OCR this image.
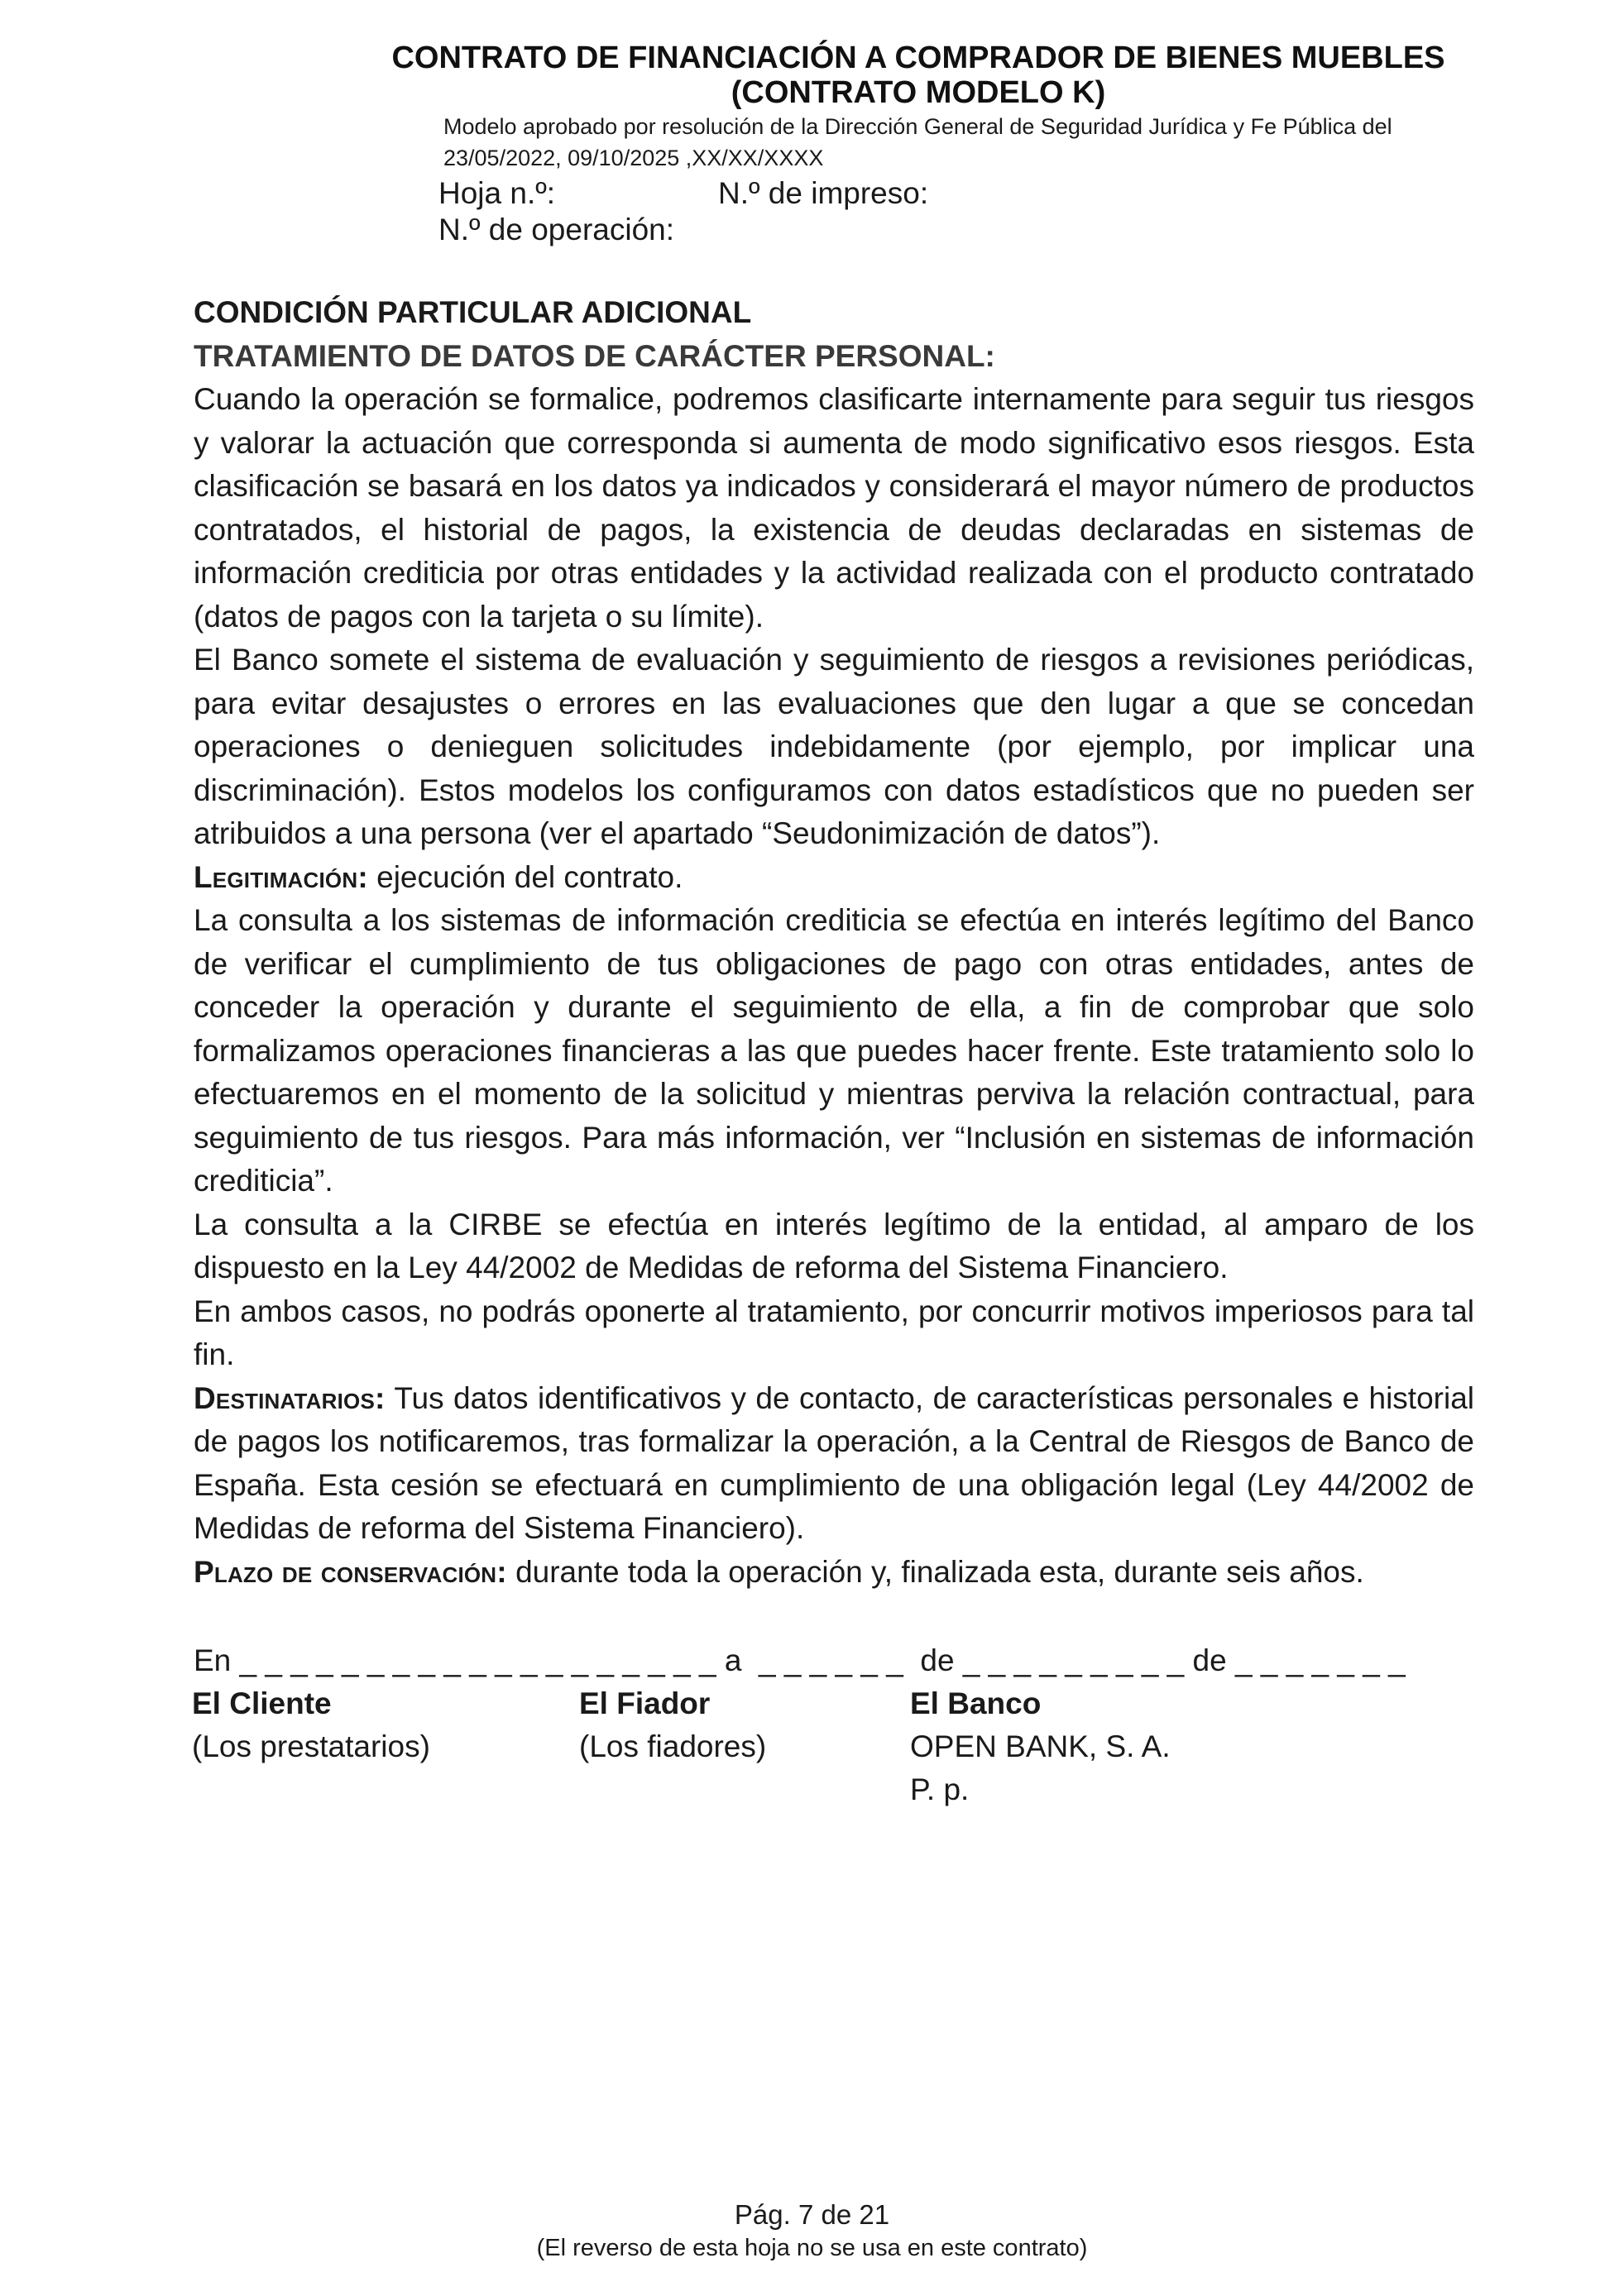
CONTRATO DE FINANCIACIÓN A COMPRADOR DE BIENES MUEBLES
(CONTRATO MODELO K)
Modelo aprobado por resolución de la Dirección General de Seguridad Jurídica y Fe Pública del
23/05/2022, 09/10/2025 ,XX/XX/XXXX
Hoja n.º:	N.º de impreso:
N.º de operación:
CONDICIÓN PARTICULAR ADICIONAL
TRATAMIENTO DE DATOS DE CARÁCTER PERSONAL:

Cuando la operación se formalice, podremos clasificarte internamente para seguir tus riesgos y valorar la actuación que corresponda si aumenta de modo significativo esos riesgos. Esta clasificación se basará en los datos ya indicados y considerará el mayor número de productos contratados, el historial de pagos, la existencia de deudas declaradas en sistemas de información crediticia por otras entidades y la actividad realizada con el producto contratado (datos de pagos con la tarjeta o su límite).

El Banco somete el sistema de evaluación y seguimiento de riesgos a revisiones periódicas, para evitar desajustes o errores en las evaluaciones que den lugar a que se concedan operaciones o denieguen solicitudes indebidamente (por ejemplo, por implicar una discriminación). Estos modelos los configuramos con datos estadísticos que no pueden ser atribuidos a una persona (ver el apartado “Seudonimización de datos”).

Legitimación: ejecución del contrato.

La consulta a los sistemas de información crediticia se efectúa en interés legítimo del Banco de verificar el cumplimiento de tus obligaciones de pago con otras entidades, antes de conceder la operación y durante el seguimiento de ella, a fin de comprobar que solo formalizamos operaciones financieras a las que puedes hacer frente. Este tratamiento solo lo efectuaremos en el momento de la solicitud y mientras perviva la relación contractual, para seguimiento de tus riesgos. Para más información, ver “Inclusión en sistemas de información crediticia”.

La consulta a la CIRBE se efectúa en interés legítimo de la entidad, al amparo de los dispuesto en la Ley 44/2002 de Medidas de reforma del Sistema Financiero.

En ambos casos, no podrás oponerte al tratamiento, por concurrir motivos imperiosos para tal fin.

Destinatarios: Tus datos identificativos y de contacto, de características personales e historial de pagos los notificaremos, tras formalizar la operación, a la Central de Riesgos de Banco de España. Esta cesión se efectuará en cumplimiento de una obligación legal (Ley 44/2002 de Medidas de reforma del Sistema Financiero).

Plazo de conservación: durante toda la operación y, finalizada esta, durante seis años.

En _ _ _ _ _ _ _ _ _ _ _ _ _ _ _ _ _ _ _ a  _ _ _ _ _ _  de _ _ _ _ _ _ _ _ _ de _ _ _ _ _ _ _
El Cliente
(Los prestatarios)
El Fiador
(Los fiadores)
El Banco
OPEN BANK, S. A.
P. p.
Pág. 7 de 21
(El reverso de esta hoja no se usa en este contrato)
